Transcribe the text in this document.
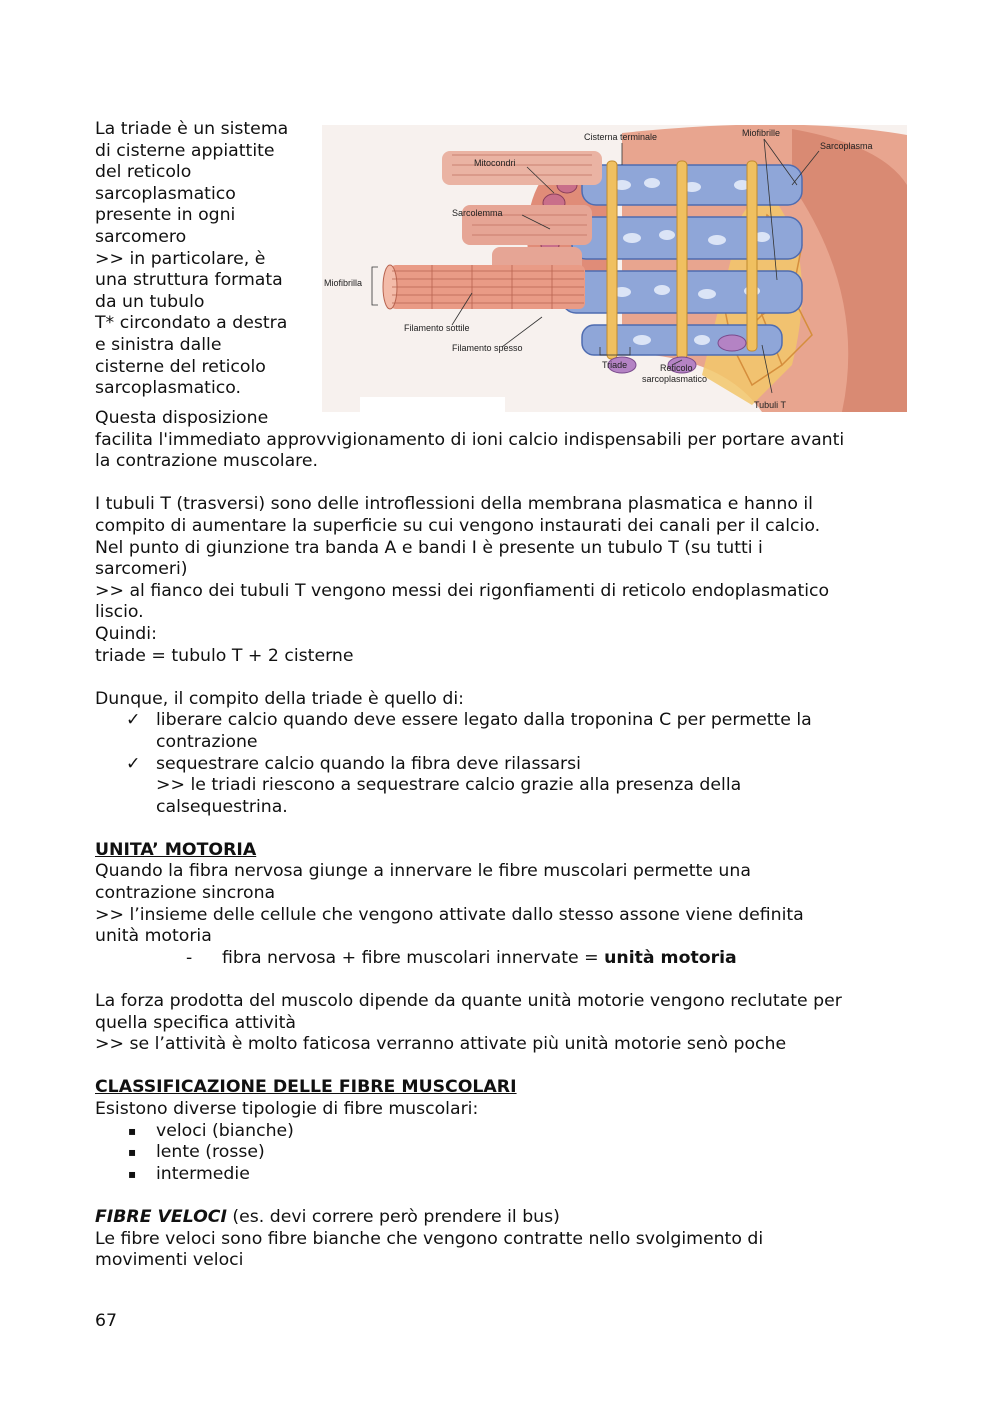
La triade è un sistema

di cisterne appiattite

del reticolo

sarcoplasmatico

presente in ogni

sarcomero

>> in particolare, è

una struttura formata

da un tubulo

T* circondato a destra

e sinistra dalle

cisterne del reticolo

sarcoplasmatico.

Cisterna terminale	Miofibrille
Sarcoplasma
Mitocondri
Sarcolemma
Miofibrilla
Filamento sottile
Filamento spesso
Triade	Reticolo
sarcoplasmatico
Tubuli T

Questa disposizione

facilita l'immediato approvvigionamento di ioni calcio indispensabili per portare avanti

la contrazione muscolare.

I tubuli T (trasversi) sono delle introflessioni della membrana plasmatica e hanno il

compito di aumentare la superficie su cui vengono instaurati dei canali per il calcio.

Nel punto di giunzione tra banda A e bandi I è presente un tubulo T (su tutti i

sarcomeri)

>> al fianco dei tubuli T vengono messi dei rigonfiamenti di reticolo endoplasmatico

liscio.

Quindi:

triade = tubulo T + 2 cisterne

Dunque, il compito della triade è quello di:

✓ liberare calcio quando deve essere legato dalla troponina C per permette la
contrazione
✓ sequestrare calcio quando la fibra deve rilassarsi
>> le triadi riescono a sequestrare calcio grazie alla presenza della
calsequestrina.

UNITA’ MOTORIA

Quando la fibra nervosa giunge a innervare le fibre muscolari permette una

contrazione sincrona

>> l’insieme delle cellule che vengono attivate dallo stesso assone viene definita

unità motoria

- fibra nervosa + fibre muscolari innervate = unità motoria

La forza prodotta del muscolo dipende da quante unità motorie vengono reclutate per

quella specifica attività

>> se l’attività è molto faticosa verranno attivate più unità motorie senò poche

CLASSIFICAZIONE DELLE FIBRE MUSCOLARI

Esistono diverse tipologie di fibre muscolari:

▪ veloci (bianche)
▪ lente (rosse)
▪ intermedie

FIBRE VELOCI (es. devi correre però prendere il bus)

Le fibre veloci sono fibre bianche che vengono contratte nello svolgimento di

movimenti veloci

67
